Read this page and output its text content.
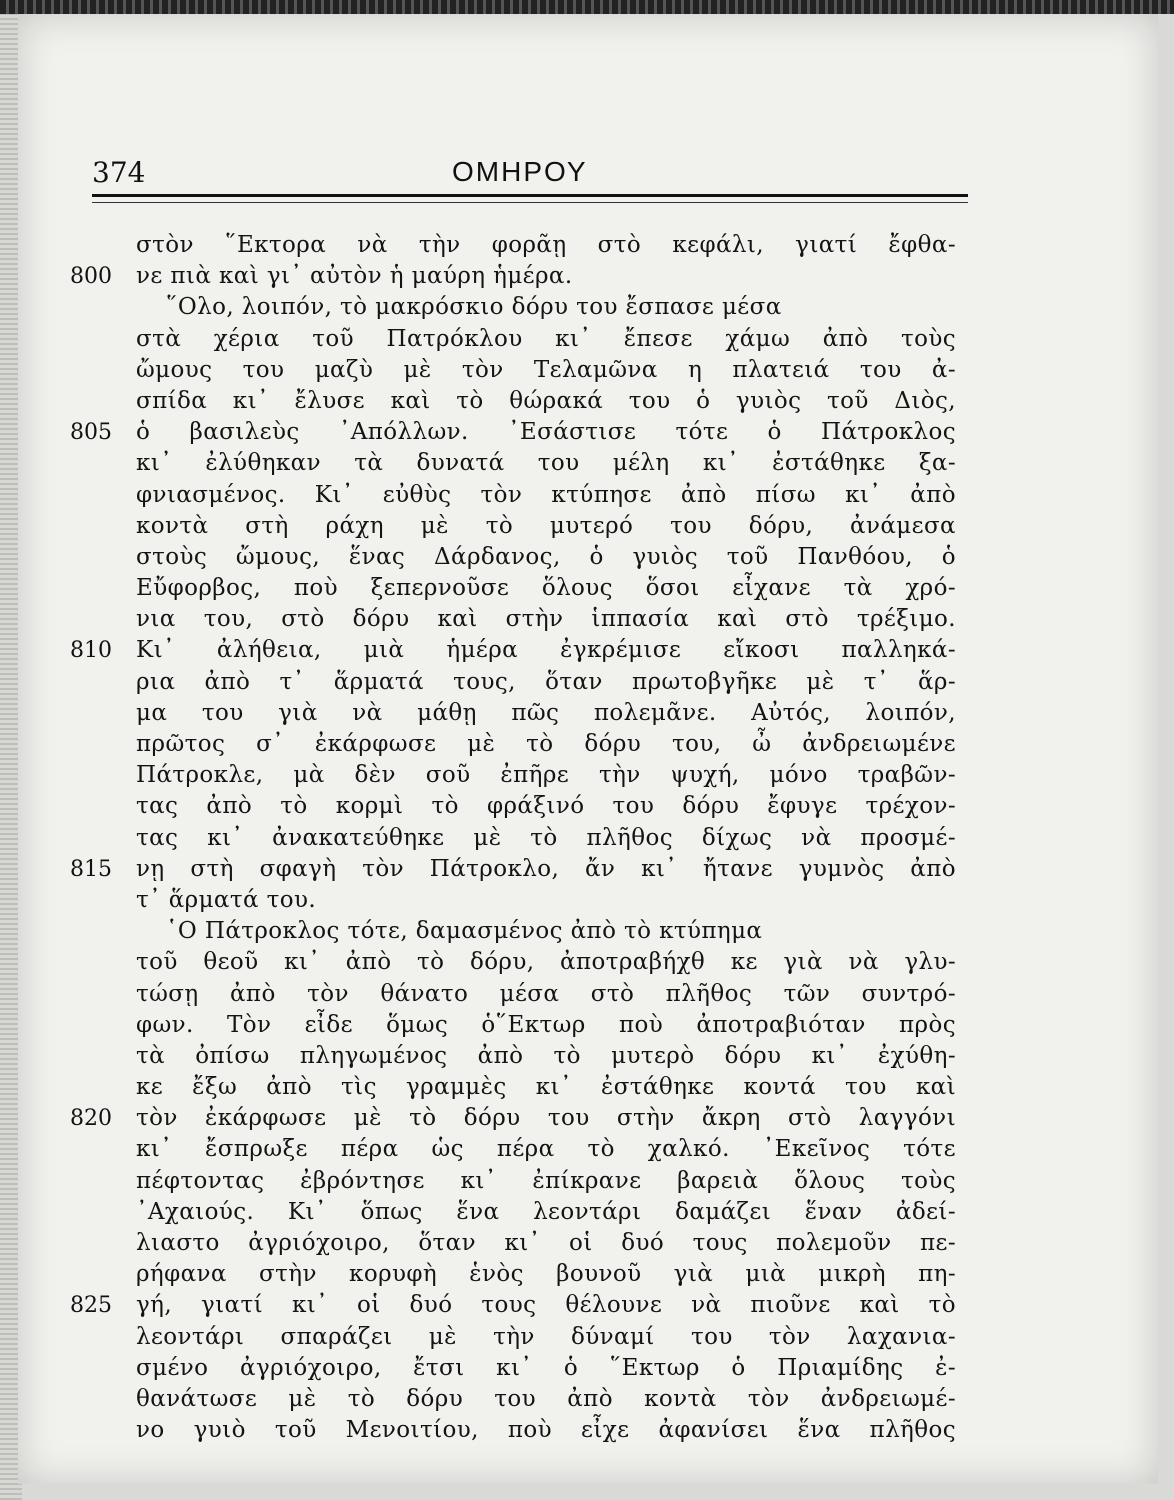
374	ΟΜΗΡΟΥ
στὸν ῞Εκτορα νὰ τὴν φορᾶῃ στὸ κεφάλι, γιατί ἔφθα-
800	νε πιὰ καὶ γι᾽ αὐτὸν ἡ μαύρη ἡμέρα.
῞Ολο, λοιπόν, τὸ μακρόσκιο δόρυ του ἔσπασε μέσα
στὰ χέρια τοῦ Πατρόκλου κι᾽ ἔπεσε χάμω ἀπὸ τοὺς
ὤμους του μαζὺ μὲ τὸν Τελαμῶνα η πλατειά του ἀ-
σπίδα κι᾽ ἔλυσε καὶ τὸ θώρακά του ὁ γυιὸς τοῦ Διὸς,
805	ὁ βασιλεὺς ᾽Απόλλων. ᾽Εσάστισε τότε ὁ Πάτροκλος
κι᾽ ἐλύθηκαν τὰ δυνατά του μέλη κι᾽ ἐστάθηκε ξα-
φνιασμένος. Κι᾽ εὐθὺς τὸν κτύπησε ἀπὸ πίσω κι᾽ ἀπὸ
κοντὰ στὴ ράχη μὲ τὸ μυτερό του δόρυ, ἀνάμεσα
στοὺς ὤμους, ἕνας Δάρδανος, ὁ γυιὸς τοῦ Πανθόου, ὁ
Εὔφορβος, ποὺ ξεπερνοῦσε ὅλους ὅσοι εἶχανε τὰ χρό-
νια του, στὸ δόρυ καὶ στὴν ἱππασία καὶ στὸ τρέξιμο.
810	Κι᾽ ἀλήθεια, μιὰ ἡμέρα ἐγκρέμισε εἴκοσι παλληκά-
ρια ἀπὸ τ᾽ ἅρματά τους, ὅταν πρωτοβγῆκε μὲ τ᾽ ἅρ-
μα του γιὰ νὰ μάθῃ πῶς πολεμᾶνε. Αὐτός, λοιπόν,
πρῶτος σ᾽ ἐκάρφωσε μὲ τὸ δόρυ του, ὦ ἀνδρειωμένε
Πάτροκλε, μὰ δὲν σοῦ ἐπῆρε τὴν ψυχή, μόνο τραβῶν-
τας ἀπὸ τὸ κορμὶ τὸ φράξινό του δόρυ ἔφυγε τρέχον-
τας κι᾽ ἀνακατεύθηκε μὲ τὸ πλῆθος δίχως νὰ προσμέ-
815	νῃ στὴ σφαγὴ τὸν Πάτροκλο, ἄν κι᾽ ἤτανε γυμνὸς ἀπὸ
τ᾽ ἅρματά του.
῾Ο Πάτροκλος τότε, δαμασμένος ἀπὸ τὸ κτύπημα
τοῦ θεοῦ κι᾽ ἀπὸ τὸ δόρυ, ἀποτραβήχθ κε γιὰ νὰ γλυ-
τώσῃ ἀπὸ τὸν θάνατο μέσα στὸ πλῆθος τῶν συντρό-
φων. Τὸν εἶδε ὅμως ὁ῞Εκτωρ ποὺ ἀποτραβιόταν πρὸς
τὰ ὀπίσω πληγωμένος ἀπὸ τὸ μυτερὸ δόρυ κι᾽ ἐχύθη-
κε ἔξω ἀπὸ τὶς γραμμὲς κι᾽ ἐστάθηκε κοντά του καὶ
820	τὸν ἐκάρφωσε μὲ τὸ δόρυ του στὴν ἄκρη στὸ λαγγόνι
κι᾽ ἔσπρωξε πέρα ὡς πέρα τὸ χαλκό. ᾽Εκεῖνος τότε
πέφτοντας ἐβρόντησε κι᾽ ἐπίκρανε βαρειὰ ὅλους τοὺς
᾽Αχαιούς. Κι᾽ ὅπως ἕνα λεοντάρι δαμάζει ἕναν ἀδεί-
λιαστο ἀγριόχοιρο, ὅταν κι᾽ οἱ δυό τους πολεμοῦν πε-
ρήφανα στὴν κορυφὴ ἑνὸς βουνοῦ γιὰ μιὰ μικρὴ πη-
825	γή, γιατί κι᾽ οἱ δυό τους θέλουνε νὰ πιοῦνε καὶ τὸ
λεοντάρι σπαράζει μὲ τὴν δύναμί του τὸν λαχανια-
σμένο ἀγριόχοιρο, ἔτσι κι᾽ ὁ ῞Εκτωρ ὁ Πριαμίδης ἐ-
θανάτωσε μὲ τὸ δόρυ του ἀπὸ κοντὰ τὸν ἀνδρειωμέ-
νο γυιὸ τοῦ Μενοιτίου, ποὺ εἶχε ἀφανίσει ἕνα πλῆθος
